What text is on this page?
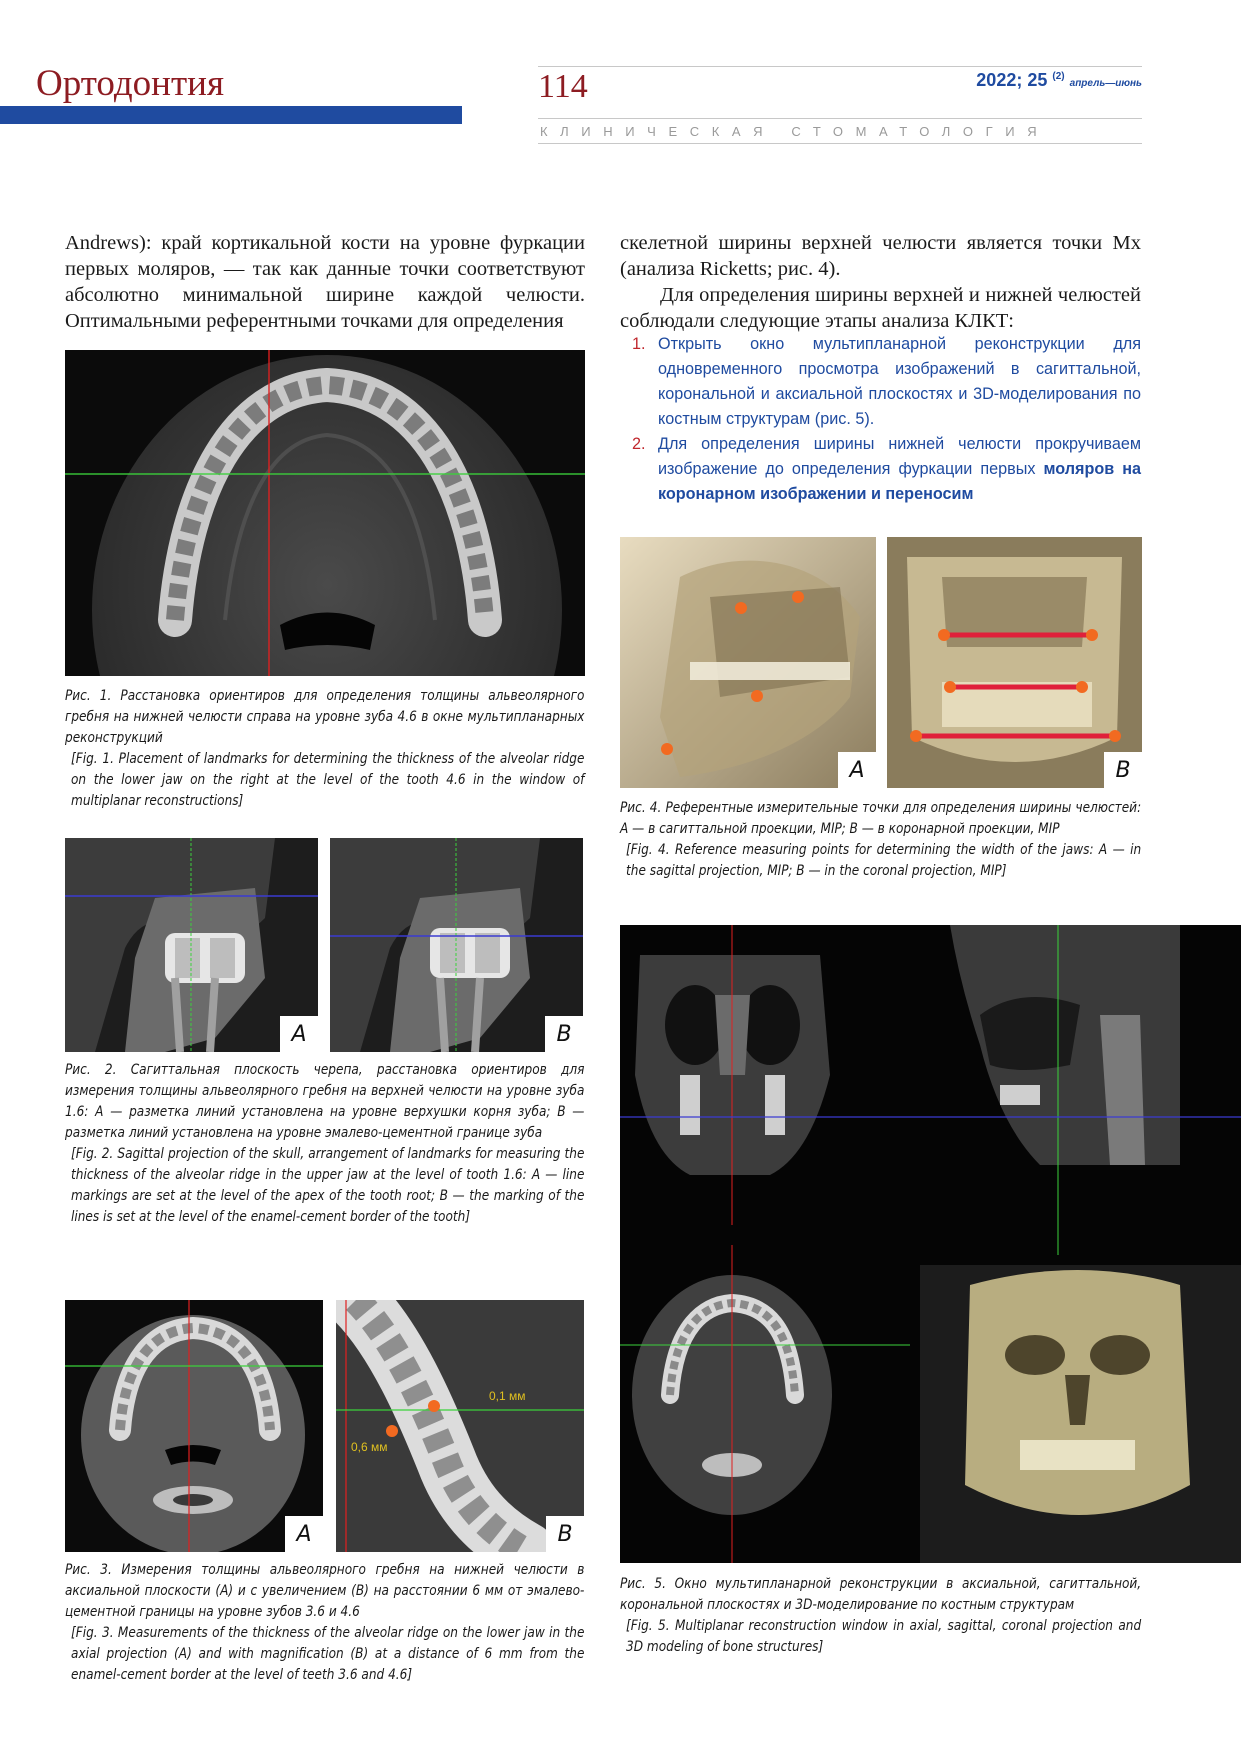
Ортодонтия	114	2022; 25 $^{(2)}$ апрель—июнь
КЛИНИЧЕСКАЯ СТОМАТОЛОГИЯ

Andrews): край кортикальной кости на уровне фуркации первых моляров, — так как данные точки соответствуют абсолютно минимальной ширине каждой челюсти. Оптимальными референтными точками для определения

Рис. 1. Расстановка ориентиров для определения толщины альвеолярного гребня на нижней челюсти справа на уровне зуба 4.6 в окне мультипланарных реконструкций

[Fig. 1. Placement of landmarks for determining the thickness of the alveolar ridge on the lower jaw on the right at the level of the tooth 4.6 in the window of multiplanar reconstructions]

A	B

Рис. 2. Сагиттальная плоскость черепа, расстановка ориентиров для измерения толщины альвеолярного гребня на верхней челюсти на уровне зуба 1.6: A — разметка линий установлена на уровне верхушки корня зуба; B — разметка линий установлена на уровне эмалево-цементной границе зуба

[Fig. 2. Sagittal projection of the skull, arrangement of landmarks for measuring the thickness of the alveolar ridge in the upper jaw at the level of tooth 1.6: A — line markings are set at the level of the apex of the tooth root; B — the marking of the lines is set at the level of the enamel-cement border of the tooth]

A
0,1 мм
0,6 мм
B

Рис. 3. Измерения толщины альвеолярного гребня на нижней челюсти в аксиальной плоскости (A) и с увеличением (B) на расстоянии 6 мм от эмалево-цементной границы на уровне зубов 3.6 и 4.6

[Fig. 3. Measurements of the thickness of the alveolar ridge on the lower jaw in the axial projection (A) and with magnification (B) at a distance of 6 mm from the enamel-cement border at the level of teeth 3.6 and 4.6]

скелетной ширины верхней челюсти является точки Mx (анализа Ricketts; рис. 4).

Для определения ширины верхней и нижней челюстей соблюдали следующие этапы анализа КЛКТ:

1. Открыть окно мультипланарной реконструкции для одновременного просмотра изображений в сагиттальной, корональной и аксиальной плоскостях и 3D-моделирования по костным структурам (рис. 5).

2. Для определения ширины нижней челюсти прокручиваем изображение до определения фуркации первых моляров на коронарном изображении и переносим

A	B

Рис. 4. Референтные измерительные точки для определения ширины челюстей: A — в сагиттальной проекции, MIP; B — в коронарной проекции, MIP

[Fig. 4. Reference measuring points for determining the width of the jaws: A — in the sagittal projection, MIP; B — in the coronal projection, MIP]

Рис. 5. Окно мультипланарной реконструкции в аксиальной, сагиттальной, корональной плоскостях и 3D-моделирование по костным структурам

[Fig. 5. Multiplanar reconstruction window in axial, sagittal, coronal projection and 3D modeling of bone structures]
